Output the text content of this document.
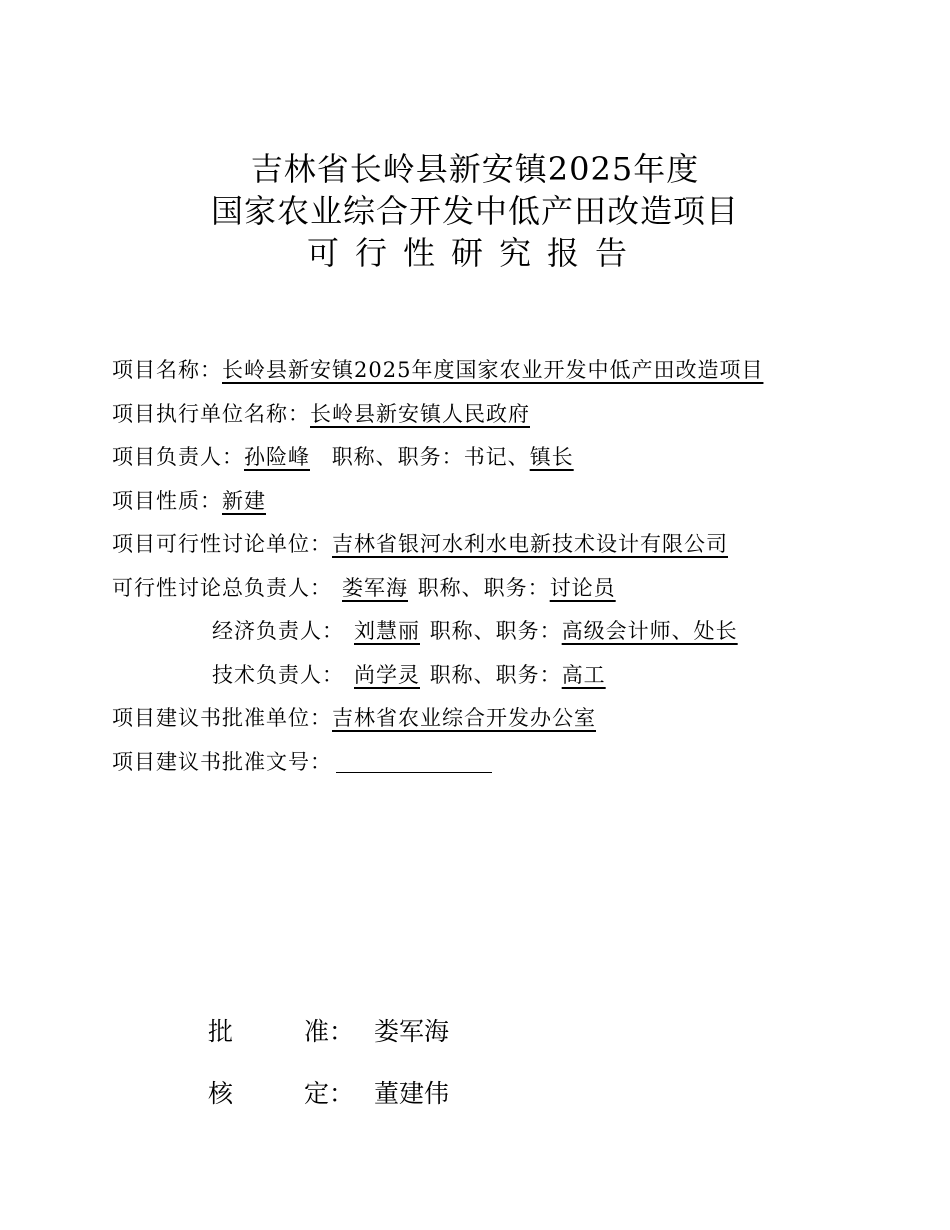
吉林省长岭县新安镇2025年度
国家农业综合开发中低产田改造项目
可行性研究报告
项目名称：长岭县新安镇2025年度国家农业开发中低产田改造项目
项目执行单位名称：长岭县新安镇人民政府
项目负责人：孙险峰 职称、职务：书记、镇长
项目性质：新建
项目可行性讨论单位：吉林省银河水利水电新技术设计有限公司
可行性讨论总负责人： 娄军海 职称、职务：讨论员
经济负责人： 刘慧丽 职称、职务：高级会计师、处长
技术负责人： 尚学灵 职称、职务：高工
项目建议书批准单位：吉林省农业综合开发办公室
项目建议书批准文号：
批	准： 娄军海
核	定： 董建伟
